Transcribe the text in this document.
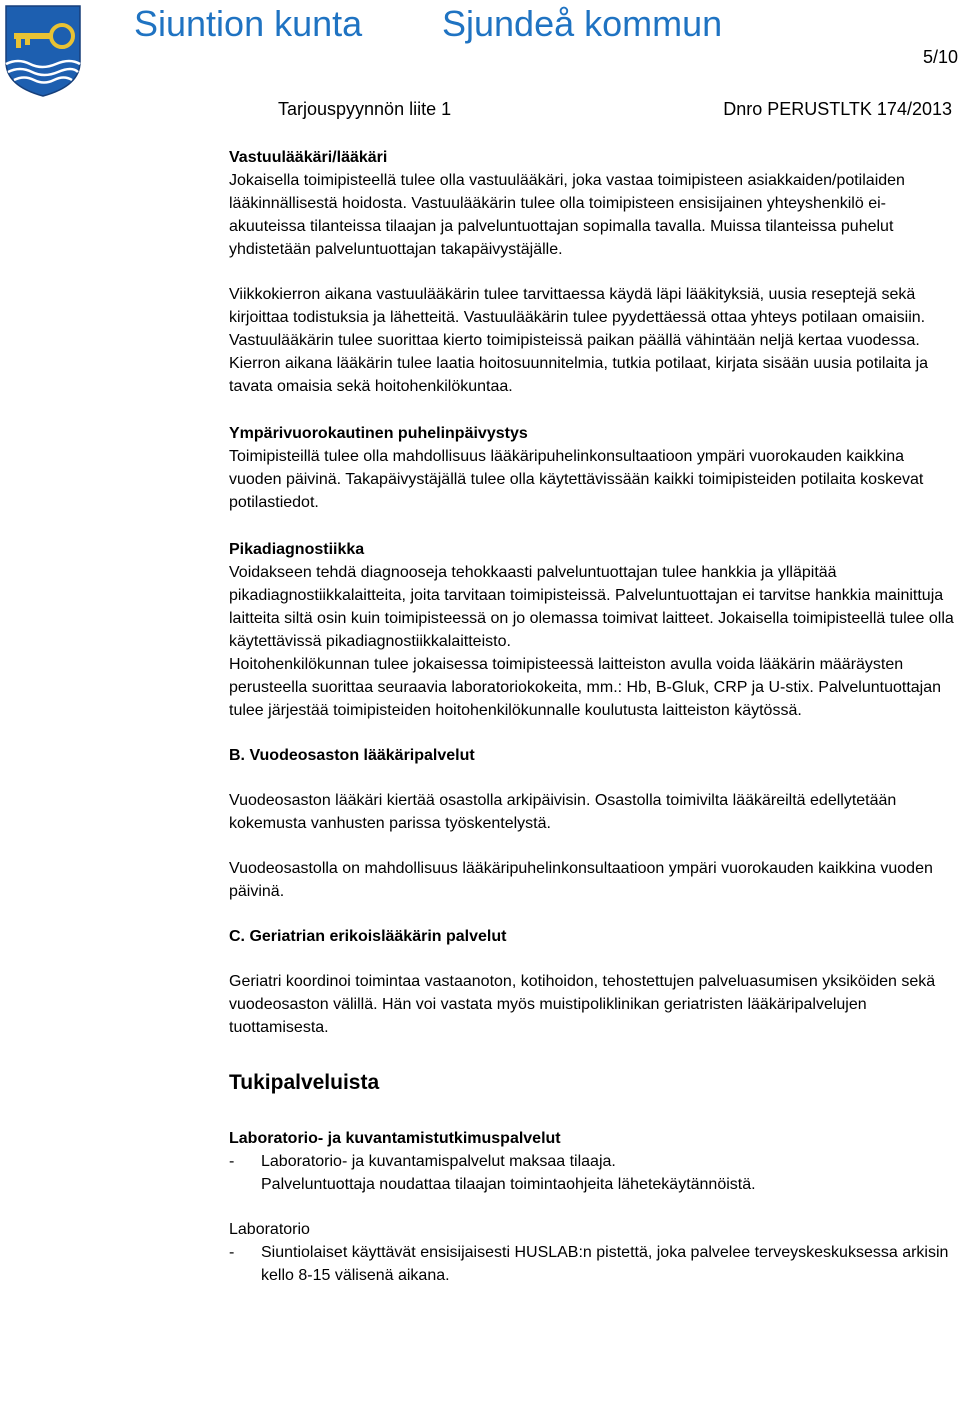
Siuntion kunta Sjundeå kommun
5/10
Tarjouspyynnön liite 1	Dnro PERUSTLTK 174/2013

Vastuulääkäri/lääkäri

Jokaisella toimipisteellä tulee olla vastuulääkäri, joka vastaa toimipisteen asiakkaiden/potilaiden lääkinnällisestä hoidosta. Vastuulääkärin tulee olla toimipisteen ensisijainen yhteyshenkilö ei-akuuteissa tilanteissa tilaajan ja palveluntuottajan sopimalla tavalla. Muissa tilanteissa puhelut yhdistetään palveluntuottajan takapäivystäjälle.

Viikkokierron aikana vastuulääkärin tulee tarvittaessa käydä läpi lääkityksiä, uusia reseptejä sekä kirjoittaa todistuksia ja lähetteitä. Vastuulääkärin tulee pyydettäessä ottaa yhteys potilaan omaisiin. Vastuulääkärin tulee suorittaa kierto toimipisteissä paikan päällä vähintään neljä kertaa vuodessa. Kierron aikana lääkärin tulee laatia hoitosuunnitelmia, tutkia potilaat, kirjata sisään uusia potilaita ja tavata omaisia sekä hoitohenkilökuntaa.

Ympärivuorokautinen puhelinpäivystys

Toimipisteillä tulee olla mahdollisuus lääkäripuhelinkonsultaatioon ympäri vuorokauden kaikkina vuoden päivinä. Takapäivystäjällä tulee olla käytettävissään kaikki toimipisteiden potilaita koskevat potilastiedot.

Pikadiagnostiikka

Voidakseen tehdä diagnooseja tehokkaasti palveluntuottajan tulee hankkia ja ylläpitää pikadiagnostiikkalaitteita, joita tarvitaan toimipisteissä. Palveluntuottajan ei tarvitse hankkia mainittuja laitteita siltä osin kuin toimipisteessä on jo olemassa toimivat laitteet. Jokaisella toimipisteellä tulee olla käytettävissä pikadiagnostiikkalaitteisto.

Hoitohenkilökunnan tulee jokaisessa toimipisteessä laitteiston avulla voida lääkärin määräysten perusteella suorittaa seuraavia laboratoriokokeita, mm.: Hb, B-Gluk, CRP ja U-stix. Palveluntuottajan tulee järjestää toimipisteiden hoitohenkilökunnalle koulutusta laitteiston käytössä.

B. Vuodeosaston lääkäripalvelut

Vuodeosaston lääkäri kiertää osastolla arkipäivisin. Osastolla toimivilta lääkäreiltä edellytetään kokemusta vanhusten parissa työskentelystä.

Vuodeosastolla on mahdollisuus lääkäripuhelinkonsultaatioon ympäri vuorokauden kaikkina vuoden päivinä.

C. Geriatrian erikoislääkärin palvelut

Geriatri koordinoi toimintaa vastaanoton, kotihoidon, tehostettujen palveluasumisen yksiköiden sekä vuodeosaston välillä. Hän voi vastata myös muistipoliklinikan geriatristen lääkäripalvelujen tuottamisesta.

Tukipalveluista

Laboratorio- ja kuvantamistutkimuspalvelut

-	Laboratorio- ja kuvantamispalvelut maksaa tilaaja.

Palveluntuottaja noudattaa tilaajan toimintaohjeita lähetekäytännöistä.

Laboratorio

-	Siuntiolaiset käyttävät ensisijaisesti HUSLAB:n pistettä, joka palvelee terveyskeskuksessa arkisin kello 8-15 välisenä aikana.
